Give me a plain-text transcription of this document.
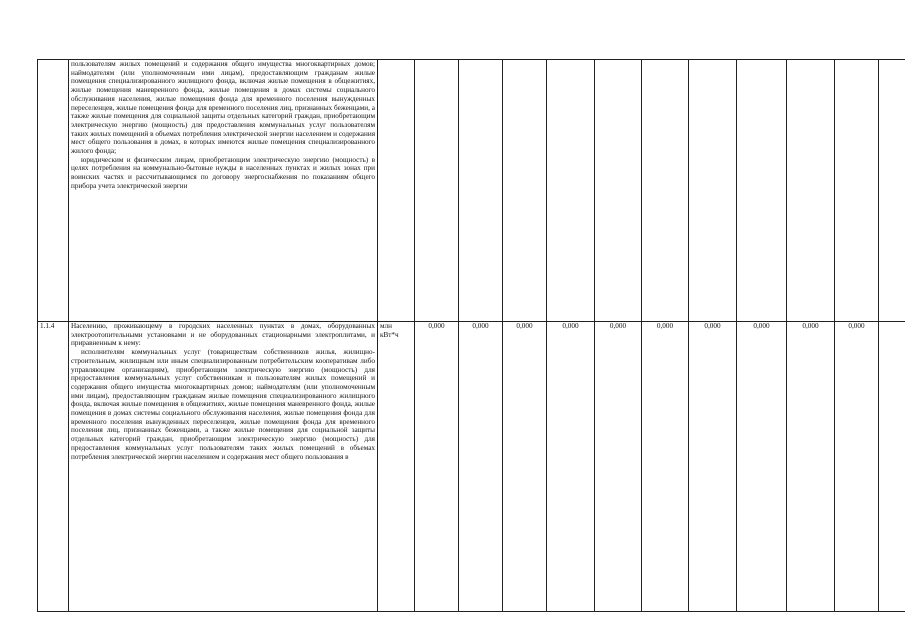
	пользователям жилых помещений и содержания общего имущества многоквартирных домов; наймодателям (или уполномоченным ими лицам), предоставляющим гражданам жилые помещения специализированного жилищного фонда, включая жилые помещения в общежитиях, жилые помещения маневренного фонда, жилые помещения в домах системы социального обслуживания населения, жилые помещения фонда для временного поселения вынужденных переселенцев, жилые помещения фонда для временного поселения лиц, признанных беженцами, а также жилые помещения для социальной защиты отдельных категорий граждан, приобретающим электрическую энергию (мощность) для предоставления коммунальных услуг пользователям таких жилых помещений в объемах потребления электрической энергии населением и содержания мест общего пользования в домах, в которых имеются жилые помещения специализированного жилого фонда;

юридическим и физическим лицам, приобретающим электрическую энергию (мощность) в целях потребления на коммунально-бытовые нужды в населенных пунктах и жилых зонах при воинских частях и рассчитывающимся по договору энергоснабжения по показаниям общего прибора учета электрической энергии												

1.1.4	Населению, проживающему в городских населенных пунктах в домах, оборудованных электроотопительными установками и не оборудованных стационарными электроплитами, и приравненным к нему:

исполнителям коммунальных услуг (товариществам собственников жилья, жилищно-строительным, жилищным или иным специализированным потребительским кооперативам либо управляющим организациям), приобретающим электрическую энергию (мощность) для предоставления коммунальных услуг собственникам и пользователям жилых помещений и содержания общего имущества многоквартирных домов; наймодателям (или уполномоченным ими лицам), предоставляющим гражданам жилые помещения специализированного жилищного фонда, включая жилые помещения в общежитиях, жилые помещения маневренного фонда, жилые помещения в домах системы социального обслуживания населения, жилые помещения фонда для временного поселения вынужденных переселенцев, жилые помещения фонда для временного поселения лиц, признанных беженцами, а также жилые помещения для социальной защиты отдельных категорий граждан, приобретающим электрическую энергию (мощность) для предоставления коммунальных услуг пользователям таких жилых помещений в объемах потребления электрической энергии населением и содержания мест общего пользования в	млн кВт*ч	0,000	0,000	0,000	0,000	0,000	0,000	0,000	0,000	0,000	0,000	
